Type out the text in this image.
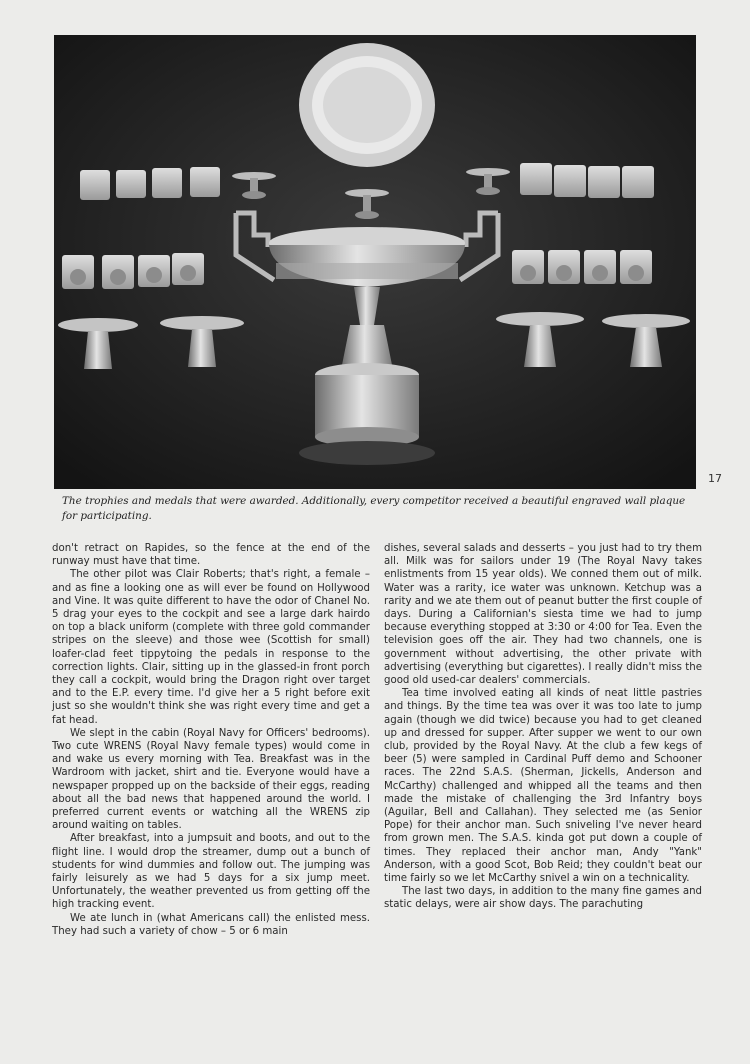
17
The trophies and medals that were awarded. Additionally, every competitor received a beautiful engraved wall plaque for participating.

don't retract on Rapides, so the fence at the end of the runway must have that time.

The other pilot was Clair Roberts; that's right, a female – and as fine a looking one as will ever be found on Hollywood and Vine. It was quite different to have the odor of Chanel No. 5 drag your eyes to the cockpit and see a large dark hairdo on top a black uniform (complete with three gold commander stripes on the sleeve) and those wee (Scottish for small) loafer-clad feet tippytoing the pedals in response to the correction lights. Clair, sitting up in the glassed-in front porch they call a cockpit, would bring the Dragon right over target and to the E.P. every time. I'd give her a 5 right before exit just so she wouldn't think she was right every time and get a fat head.

We slept in the cabin (Royal Navy for Officers' bedrooms). Two cute WRENS (Royal Navy female types) would come in and wake us every morning with Tea. Breakfast was in the Wardroom with jacket, shirt and tie. Everyone would have a newspaper propped up on the backside of their eggs, reading about all the bad news that happened around the world. I preferred current events or watching all the WRENS zip around waiting on tables.

After breakfast, into a jumpsuit and boots, and out to the flight line. I would drop the streamer, dump out a bunch of students for wind dummies and follow out. The jumping was fairly leisurely as we had 5 days for a six jump meet. Unfortunately, the weather prevented us from getting off the high tracking event.

We ate lunch in (what Americans call) the enlisted mess. They had such a variety of chow – 5 or 6 main

dishes, several salads and desserts – you just had to try them all. Milk was for sailors under 19 (The Royal Navy takes enlistments from 15 year olds). We conned them out of milk. Water was a rarity, ice water was unknown. Ketchup was a rarity and we ate them out of peanut butter the first couple of days. During a Californian's siesta time we had to jump because everything stopped at 3:30 or 4:00 for Tea. Even the television goes off the air. They had two channels, one is government without advertising, the other private with advertising (everything but cigarettes). I really didn't miss the good old used-car dealers' commercials.

Tea time involved eating all kinds of neat little pastries and things. By the time tea was over it was too late to jump again (though we did twice) because you had to get cleaned up and dressed for supper. After supper we went to our own club, provided by the Royal Navy. At the club a few kegs of beer (5) were sampled in Cardinal Puff demo and Schooner races. The 22nd S.A.S. (Sherman, Jickells, Anderson and McCarthy) challenged and whipped all the teams and then made the mistake of challenging the 3rd Infantry boys (Aguilar, Bell and Callahan). They selected me (as Senior Pope) for their anchor man. Such sniveling I've never heard from grown men. The S.A.S. kinda got put down a couple of times. They replaced their anchor man, Andy "Yank" Anderson, with a good Scot, Bob Reid; they couldn't beat our time fairly so we let McCarthy snivel a win on a technicality.

The last two days, in addition to the many fine games and static delays, were air show days. The parachuting
